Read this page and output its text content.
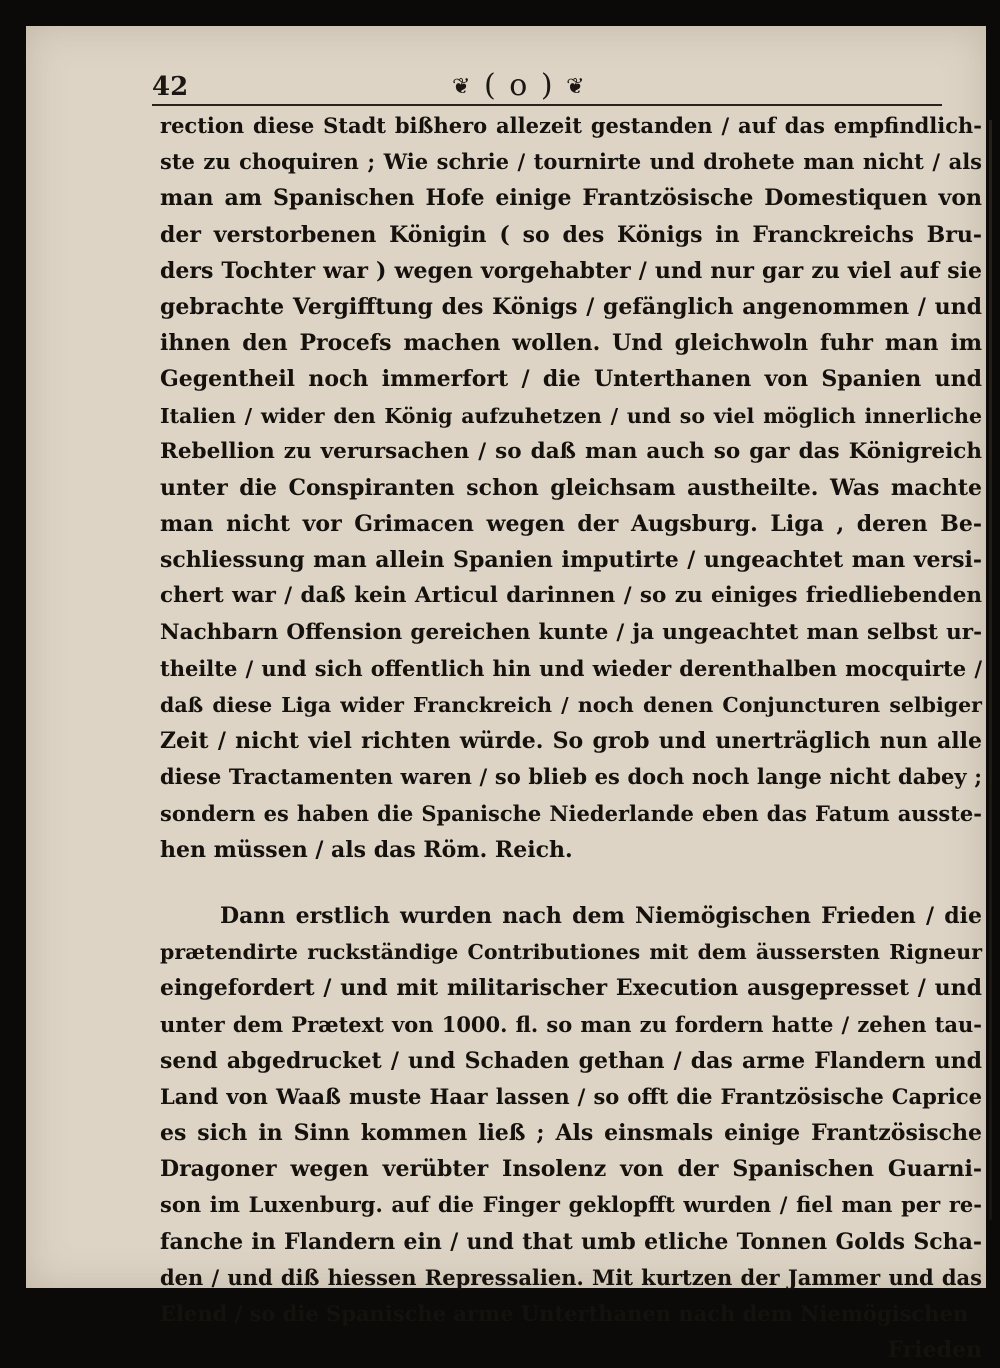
42	❦ ( o ) ❦
rection diese Stadt bißhero allezeit gestanden / auf das empfindlich-
ste zu choquiren ; Wie schrie / tournirte und drohete man nicht / als
man am Spanischen Hofe einige Frantzösische Domestiquen von
der verstorbenen Königin ( so des Königs in Franckreichs Bru-
ders Tochter war ) wegen vorgehabter / und nur gar zu viel auf sie
gebrachte Vergifftung des Königs / gefänglich angenommen / und
ihnen den Procefs machen wollen. Und gleichwoln fuhr man im
Gegentheil noch immerfort / die Unterthanen von Spanien und
Italien / wider den König aufzuhetzen / und so viel möglich innerliche
Rebellion zu verursachen / so daß man auch so gar das Königreich
unter die Conspiranten schon gleichsam austheilte. Was machte
man nicht vor Grimacen wegen der Augsburg. Liga , deren Be-
schliessung man allein Spanien imputirte / ungeachtet man versi-
chert war / daß kein Articul darinnen / so zu einiges friedliebenden
Nachbarn Offension gereichen kunte / ja ungeachtet man selbst ur-
theilte / und sich offentlich hin und wieder derenthalben mocquirte /
daß diese Liga wider Franckreich / noch denen Conjuncturen selbiger
Zeit / nicht viel richten würde. So grob und unerträglich nun alle
diese Tractamenten waren / so blieb es doch noch lange nicht dabey ;
sondern es haben die Spanische Niederlande eben das Fatum ausste-
hen müssen / als das Röm. Reich.
Dann erstlich wurden nach dem Niemögischen Frieden / die
prætendirte ruckständige Contributiones mit dem äussersten Rigneur
eingefordert / und mit militarischer Execution ausgepresset / und
unter dem Prætext von 1000. fl. so man zu fordern hatte / zehen tau-
send abgedrucket / und Schaden gethan / das arme Flandern und
Land von Waaß muste Haar lassen / so offt die Frantzösische Caprice
es sich in Sinn kommen ließ ; Als einsmals einige Frantzösische
Dragoner wegen verübter Insolenz von der Spanischen Guarni-
son im Luxenburg. auf die Finger geklopfft wurden / fiel man per re-
fanche in Flandern ein / und that umb etliche Tonnen Golds Scha-
den / und diß hiessen Repressalien. Mit kurtzen der Jammer und das
Elend / so die Spanische arme Unterthanen nach dem Niemögischen
Frieden
